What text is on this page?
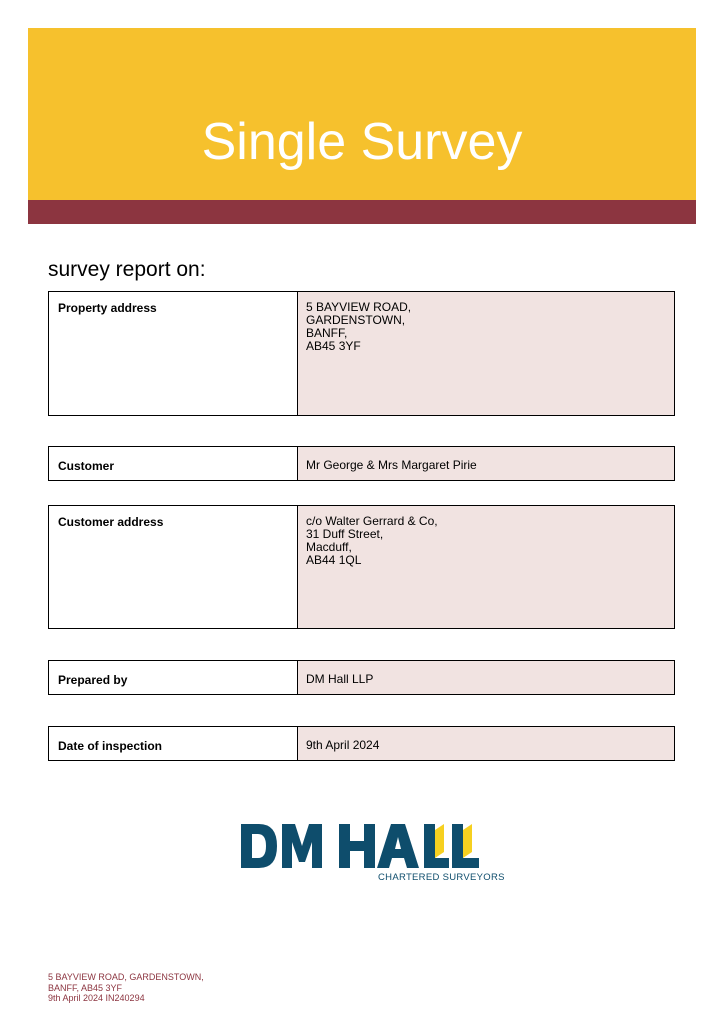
Single Survey
survey report on:
Property address	5 BAYVIEW ROAD,
GARDENSTOWN,
BANFF,
AB45 3YF
Customer	Mr George & Mrs Margaret Pirie
Customer address	c/o Walter Gerrard & Co,
31 Duff Street,
Macduff,
AB44 1QL
Prepared by	DM Hall LLP
Date of inspection	9th April 2024
CHARTERED SURVEYORS
5 BAYVIEW ROAD, GARDENSTOWN,
BANFF, AB45 3YF
9th April 2024 IN240294
